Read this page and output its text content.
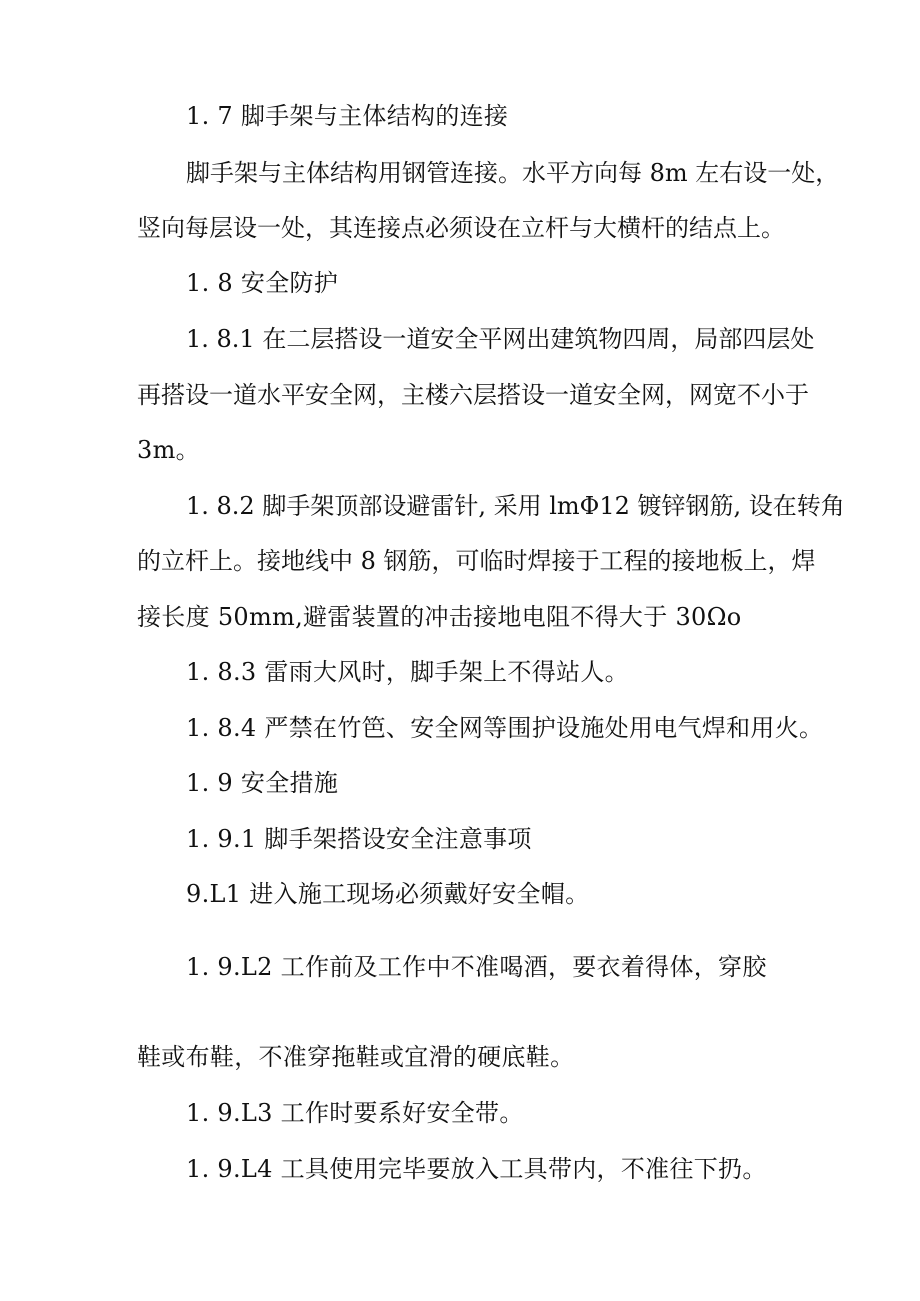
1. 7 脚手架与主体结构的连接
脚手架与主体结构用钢管连接。水平方向每 8m 左右设一处，
竖向每层设一处，其连接点必须设在立杆与大横杆的结点上。
1. 8 安全防护
1. 8.1 在二层搭设一道安全平网出建筑物四周，局部四层处
再搭设一道水平安全网，主楼六层搭设一道安全网，网宽不小于
3m。
1. 8.2 脚手架顶部设避雷针, 采用 lmΦ12 镀锌钢筋, 设在转角
的立杆上。接地线中 8 钢筋，可临时焊接于工程的接地板上，焊
接长度 50mm,避雷装置的冲击接地电阻不得大于 30Ωo
1. 8.3 雷雨大风时，脚手架上不得站人。
1. 8.4 严禁在竹笆、安全网等围护设施处用电气焊和用火。
1. 9 安全措施
1. 9.1 脚手架搭设安全注意事项
9.L1 进入施工现场必须戴好安全帽。
1. 9.L2 工作前及工作中不准喝酒，要衣着得体，穿胶
鞋或布鞋，不准穿拖鞋或宜滑的硬底鞋。
1. 9.L3 工作时要系好安全带。
1. 9.L4 工具使用完毕要放入工具带内，不准往下扔。
